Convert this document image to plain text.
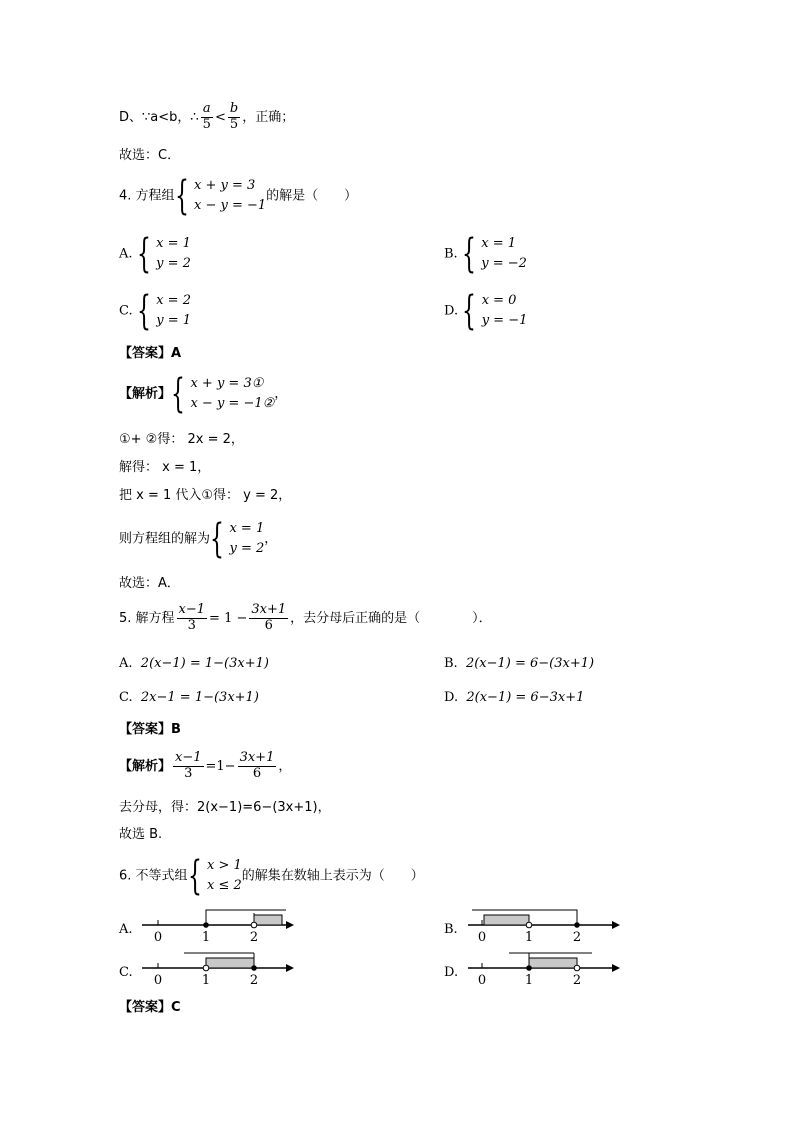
D、∵a<b，∴ $\frac{a}{5} < \frac{b}{5}$ ，正确；
故选：C．
4. 方程组 { x + y = 3
x − y = −1
的解是（　　）
A. { x = 1
y = 2
B. { x = 1
y = −2
C. { x = 2
y = 1
D. { x = 0
y = −1
【答案】A
【解析】 { x + y = 3①
x − y = −1②
，
①+ ②得： 2x = 2，
解得： x = 1，
把 x = 1 代入①得： y = 2，
则方程组的解为 { x = 1
y = 2
，
故选：A．
5. 解方程 $\frac{x-1}{3} = 1 - \frac{3x+1}{6}$ ，去分母后正确的是（　　　　）．
A. 2(x−1) = 1−(3x+1)	B. 2(x−1) = 6−(3x+1)
C. 2x−1 = 1−(3x+1)	D. 2(x−1) = 6−3x+1
【答案】B
【解析】 $\frac{x-1}{3} =1- \frac{3x+1}{6}$ ，
去分母，得：2(x−1)=6−(3x+1)，
故选 B.
6. 不等式组 { x > 1
x ≤ 2
的解集在数轴上表示为（　　）
A.
0	1	2
B.
0	1	2
C.
0	1	2
D.
0	1	2
【答案】C
